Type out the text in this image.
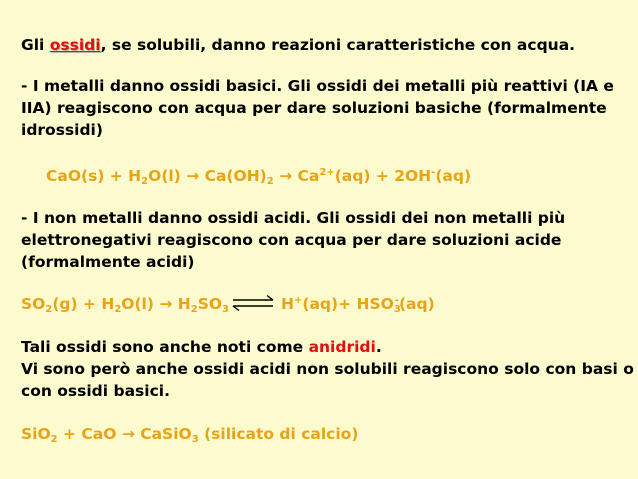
Gli ossidi, se solubili, danno reazioni caratteristiche con acqua.
- I metalli danno ossidi basici. Gli ossidi dei metalli più reattivi (IA e
IIA) reagiscono con acqua per dare soluzioni basiche (formalmente
idrossidi)
$CaO(s) + H_2O(l) \to Ca(OH)_2 \to Ca^{2+}(aq) + 2OH^-(aq)$
- I non metalli danno ossidi acidi. Gli ossidi dei non metalli più
elettronegativi reagiscono con acqua per dare soluzioni acide
(formalmente acidi)
$SO_2(g) + H_2O(l) \to H_2SO_3$ ⇌ $H^+(aq)+ HSO_3^-(aq)$
Tali ossidi sono anche noti come anidridi.
Vi sono però anche ossidi acidi non solubili reagiscono solo con basi o
con ossidi basici.
SiO$_2$ + CaO → CaSiO$_3$ (silicato di calcio)
